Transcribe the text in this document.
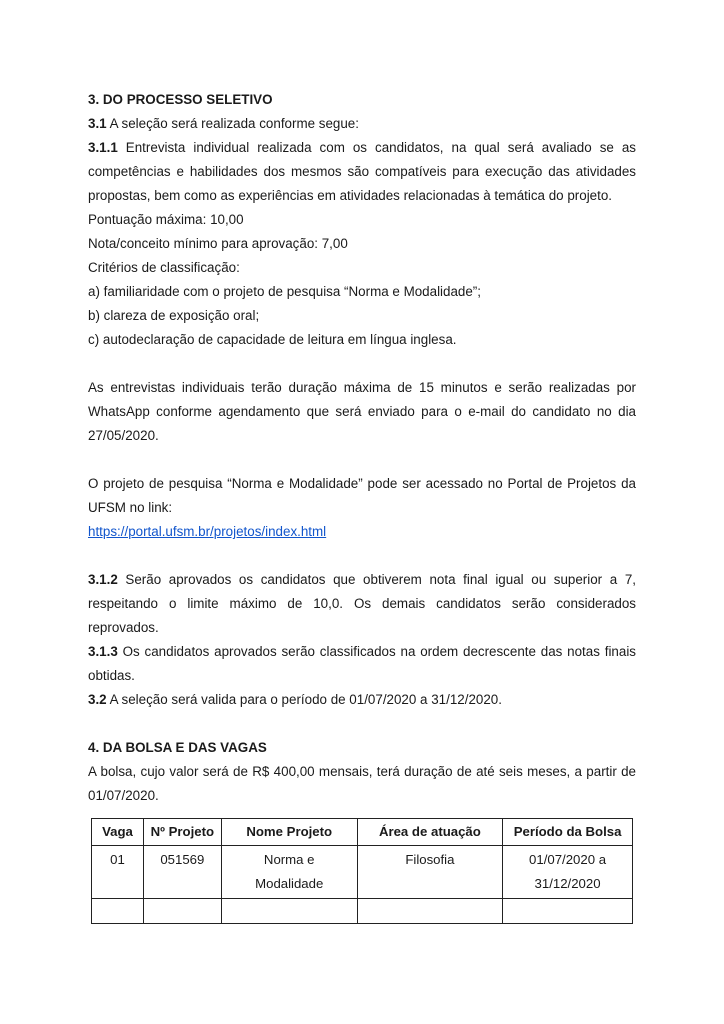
3. DO PROCESSO SELETIVO
3.1 A seleção será realizada conforme segue:
3.1.1 Entrevista individual realizada com os candidatos, na qual será avaliado se as
competências e habilidades dos mesmos são compatíveis para execução das atividades
propostas, bem como as experiências em atividades relacionadas à temática do projeto.
Pontuação máxima: 10,00
Nota/conceito mínimo para aprovação: 7,00
Critérios de classificação:
a) familiaridade com o projeto de pesquisa “Norma e Modalidade”;
b) clareza de exposição oral;
c) autodeclaração de capacidade de leitura em língua inglesa.
As entrevistas individuais terão duração máxima de 15 minutos e serão realizadas por
WhatsApp conforme agendamento que será enviado para o e-mail do candidato no dia
27/05/2020.
O projeto de pesquisa “Norma e Modalidade” pode ser acessado no Portal de Projetos da
UFSM no link:
https://portal.ufsm.br/projetos/index.html
3.1.2 Serão aprovados os candidatos que obtiverem nota final igual ou superior a 7,
respeitando o limite máximo de 10,0. Os demais candidatos serão considerados
reprovados.
3.1.3 Os candidatos aprovados serão classificados na ordem decrescente das notas finais
obtidas.
3.2 A seleção será valida para o período de 01/07/2020 a 31/12/2020.
4. DA BOLSA E DAS VAGAS
A bolsa, cujo valor será de R$ 400,00 mensais, terá duração de até seis meses, a partir de
01/07/2020.
Vaga	Nº Projeto	Nome Projeto	Área de atuação	Período da Bolsa
01	051569	Norma e Modalidade	Filosofia	01/07/2020 a 31/12/2020
